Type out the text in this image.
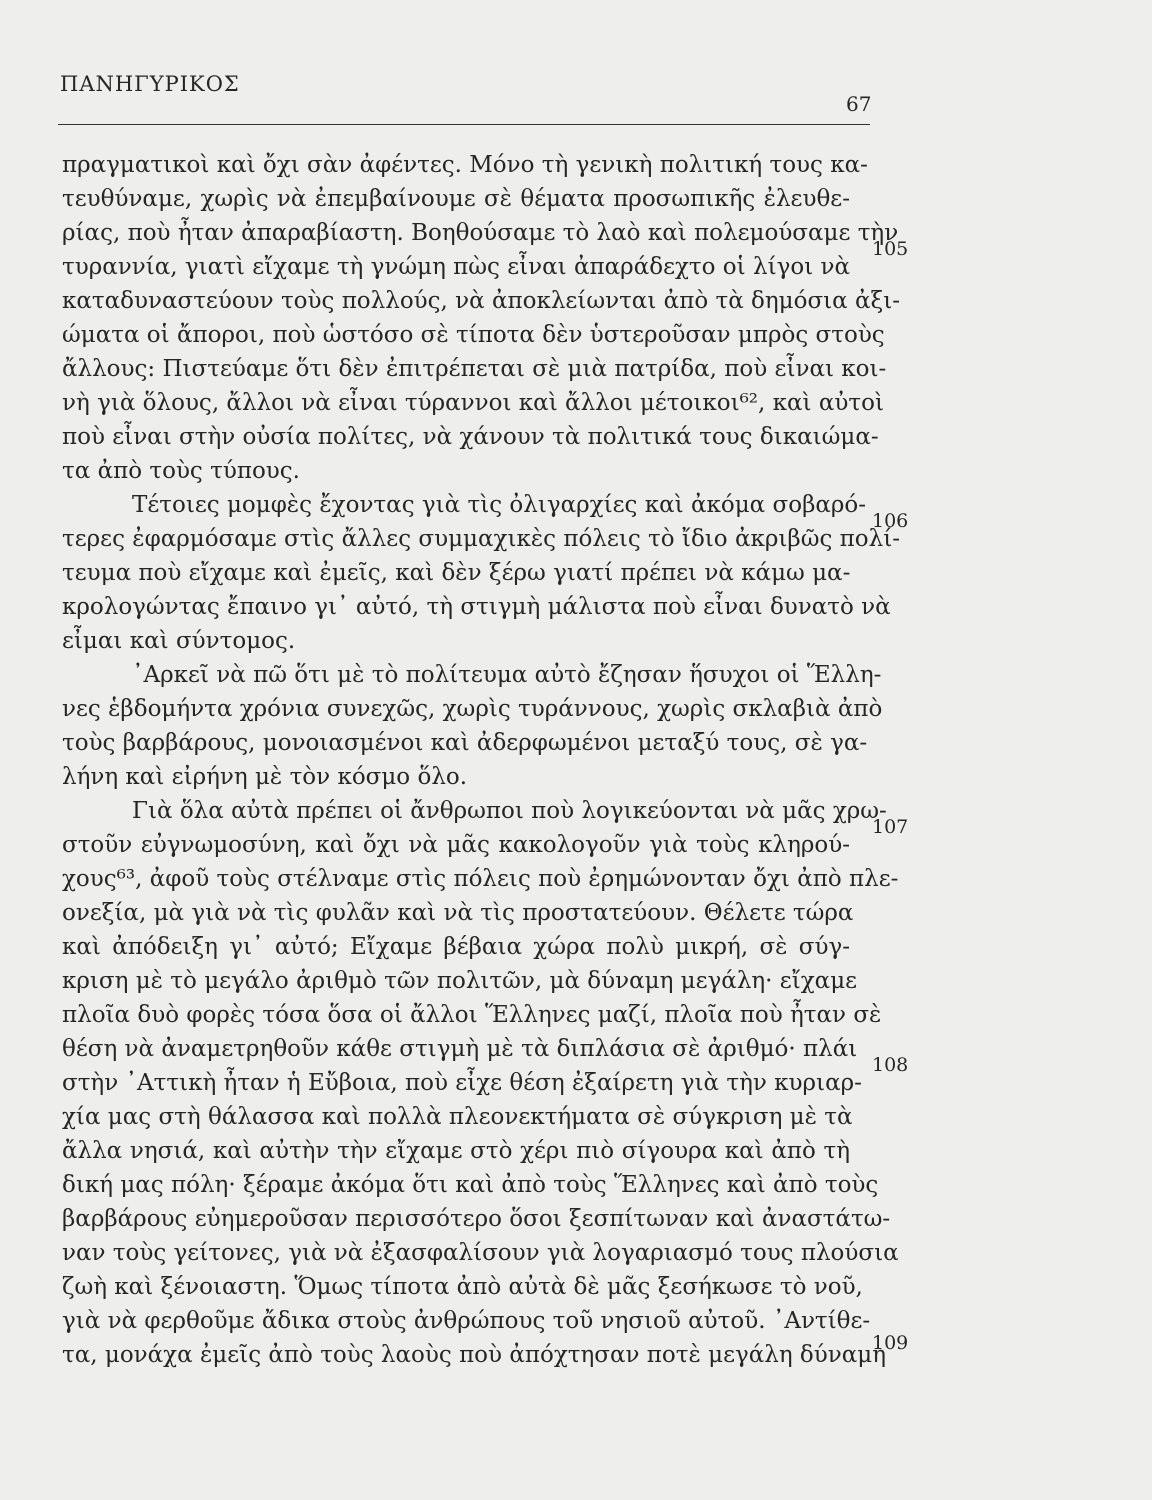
ΠΑΝΗΓΥΡΙΚΟΣ
67
πραγματικοὶ καὶ ὄχι σὰν ἀφέντες. Μόνο τὴ γενικὴ πολιτική τους κα-
τευθύναμε, χωρὶς νὰ ἐπεμβαίνουμε σὲ θέματα προσωπικῆς ἐλευθε-
ρίας, ποὺ ἦταν ἀπαραβίαστη. Βοηθούσαμε τὸ λαὸ καὶ πολεμούσαμε τὴν
τυραννία, γιατὶ εἴχαμε τὴ γνώμη πὼς εἶναι ἀπαράδεχτο οἱ λίγοι νὰ
καταδυναστεύουν τοὺς πολλούς, νὰ ἀποκλείωνται ἀπὸ τὰ δημόσια ἀξι-
ώματα οἱ ἄποροι, ποὺ ὡστόσο σὲ τίποτα δὲν ὑστεροῦσαν μπρὸς στοὺς
ἄλλους: Πιστεύαμε ὅτι δὲν ἐπιτρέπεται σὲ μιὰ πατρίδα, ποὺ εἶναι κοι-
νὴ γιὰ ὅλους, ἄλλοι νὰ εἶναι τύραννοι καὶ ἄλλοι μέτοικοι⁶², καὶ αὐτοὶ
ποὺ εἶναι στὴν οὐσία πολίτες, νὰ χάνουν τὰ πολιτικά τους δικαιώμα-
τα ἀπὸ τοὺς τύπους.
Τέτοιες μομφὲς ἔχοντας γιὰ τὶς ὀλιγαρχίες καὶ ἀκόμα σοβαρό-
τερες ἐφαρμόσαμε στὶς ἄλλες συμμαχικὲς πόλεις τὸ ἴδιο ἀκριβῶς πολί-
τευμα ποὺ εἴχαμε καὶ ἐμεῖς, καὶ δὲν ξέρω γιατί πρέπει νὰ κάμω μα-
κρολογώντας ἔπαινο γι᾿ αὐτό, τὴ στιγμὴ μάλιστα ποὺ εἶναι δυνατὸ νὰ
εἶμαι καὶ σύντομος.
᾿Αρκεῖ νὰ πῶ ὅτι μὲ τὸ πολίτευμα αὐτὸ ἔζησαν ἥσυχοι οἱ Ἕλλη-
νες ἑβδομήντα χρόνια συνεχῶς, χωρὶς τυράννους, χωρὶς σκλαβιὰ ἀπὸ
τοὺς βαρβάρους, μονοιασμένοι καὶ ἀδερφωμένοι μεταξύ τους, σὲ γα-
λήνη καὶ εἰρήνη μὲ τὸν κόσμο ὅλο.
Γιὰ ὅλα αὐτὰ πρέπει οἱ ἄνθρωποι ποὺ λογικεύονται νὰ μᾶς χρω-
στοῦν εὐγνωμοσύνη, καὶ ὄχι νὰ μᾶς κακολογοῦν γιὰ τοὺς κληρού-
χους⁶³, ἀφοῦ τοὺς στέλναμε στὶς πόλεις ποὺ ἐρημώνονταν ὄχι ἀπὸ πλε-
ονεξία, μὰ γιὰ νὰ τὶς φυλᾶν καὶ νὰ τὶς προστατεύουν. Θέλετε τώρα
καὶ ἀπόδειξη γι᾿ αὐτό; Εἴχαμε βέβαια χώρα πολὺ μικρή, σὲ σύγ-
κριση μὲ τὸ μεγάλο ἀριθμὸ τῶν πολιτῶν, μὰ δύναμη μεγάλη· εἴχαμε
πλοῖα δυὸ φορὲς τόσα ὅσα οἱ ἄλλοι Ἕλληνες μαζί, πλοῖα ποὺ ἦταν σὲ
θέση νὰ ἀναμετρηθοῦν κάθε στιγμὴ μὲ τὰ διπλάσια σὲ ἀριθμό· πλάι
στὴν ᾿Αττικὴ ἦταν ἡ Εὔβοια, ποὺ εἶχε θέση ἐξαίρετη γιὰ τὴν κυριαρ-
χία μας στὴ θάλασσα καὶ πολλὰ πλεονεκτήματα σὲ σύγκριση μὲ τὰ
ἄλλα νησιά, καὶ αὐτὴν τὴν εἴχαμε στὸ χέρι πιὸ σίγουρα καὶ ἀπὸ τὴ
δική μας πόλη· ξέραμε ἀκόμα ὅτι καὶ ἀπὸ τοὺς Ἕλληνες καὶ ἀπὸ τοὺς
βαρβάρους εὐημεροῦσαν περισσότερο ὅσοι ξεσπίτωναν καὶ ἀναστάτω-
ναν τοὺς γείτονες, γιὰ νὰ ἐξασφαλίσουν γιὰ λογαριασμό τους πλούσια
ζωὴ καὶ ξένοιαστη. Ὅμως τίποτα ἀπὸ αὐτὰ δὲ μᾶς ξεσήκωσε τὸ νοῦ,
γιὰ νὰ φερθοῦμε ἄδικα στοὺς ἀνθρώπους τοῦ νησιοῦ αὐτοῦ. ᾿Αντίθε-
τα, μονάχα ἐμεῖς ἀπὸ τοὺς λαοὺς ποὺ ἀπόχτησαν ποτὲ μεγάλη δύναμη
105
106
107
108
109
